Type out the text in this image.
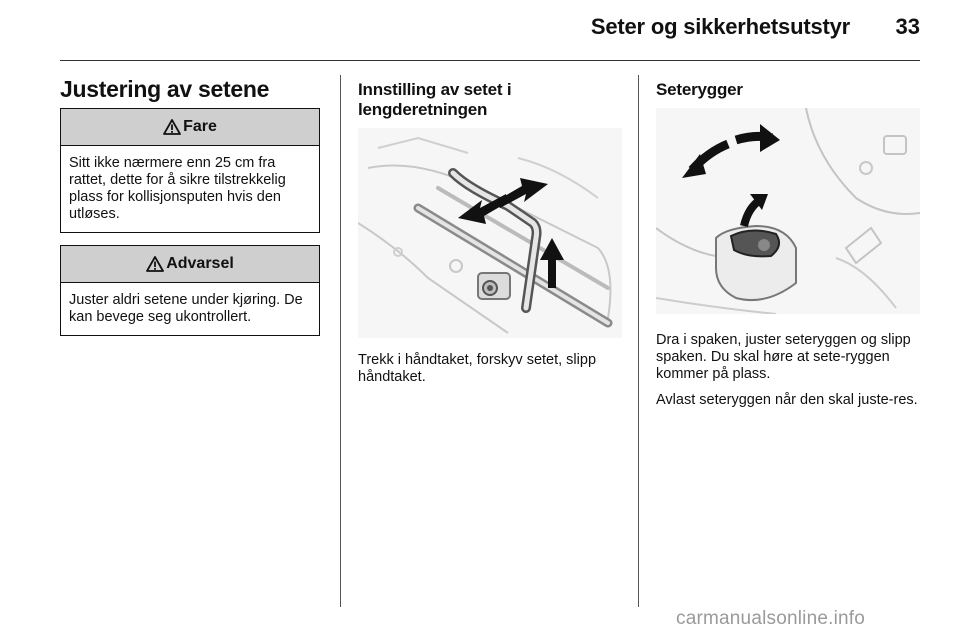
Seter og sikkerhetsutstyr	33
Justering av setene
Fare
Sitt ikke nærmere enn 25 cm fra rattet, dette for å sikre tilstrekkelig plass for kollisjonsputen hvis den utløses.
Advarsel
Juster aldri setene under kjøring. De kan bevege seg ukontrollert.
Innstilling av setet i lengderetningen

Trekk i håndtaket, forskyv setet, slipp håndtaket.

Seterygger

Dra i spaken, juster seteryggen og slipp spaken. Du skal høre at sete-ryggen kommer på plass.

Avlast seteryggen når den skal juste-res.

carmanualsonline.info
